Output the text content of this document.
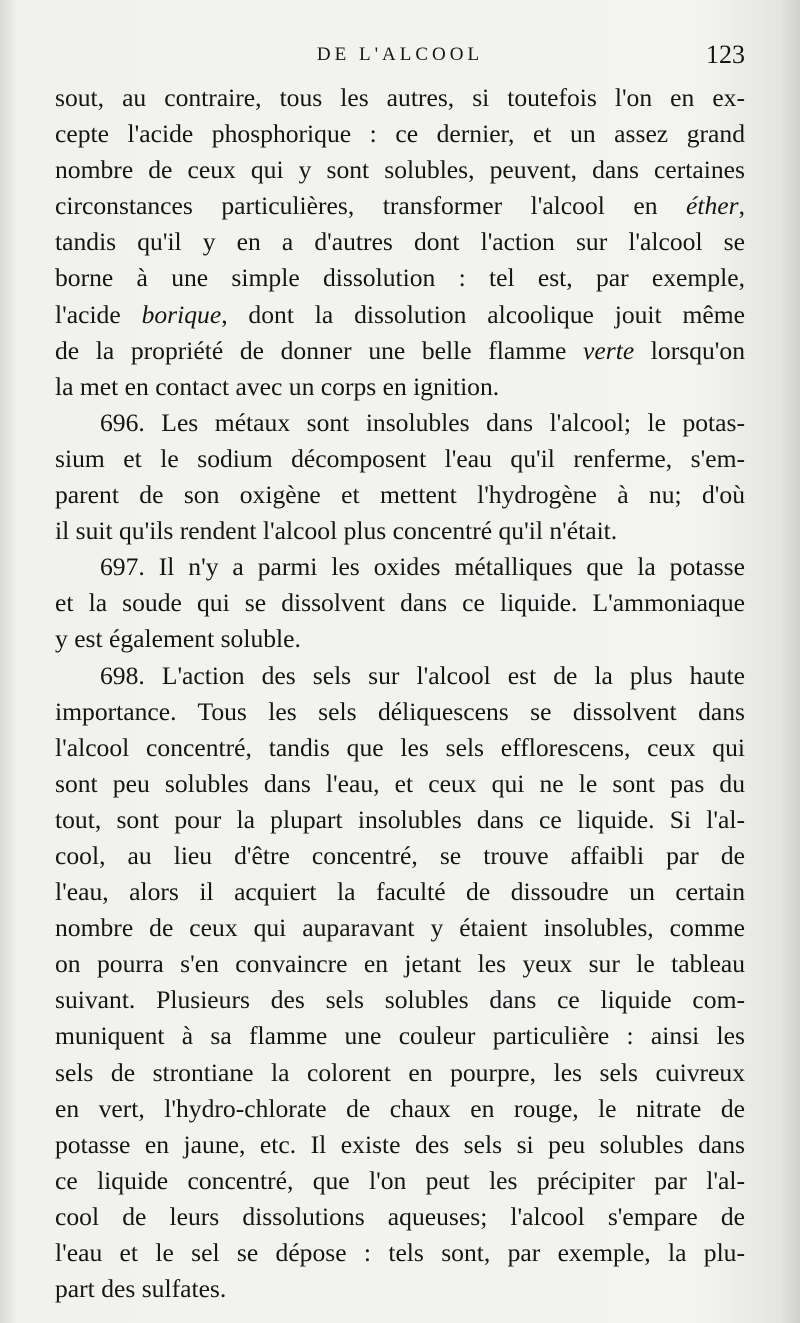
DE L'ALCOOL	123
sout, au contraire, tous les autres, si toutefois l'on en ex-
cepte l'acide phosphorique : ce dernier, et un assez grand
nombre de ceux qui y sont solubles, peuvent, dans certaines
circonstances particulières, transformer l'alcool en éther,
tandis qu'il y en a d'autres dont l'action sur l'alcool se
borne à une simple dissolution : tel est, par exemple,
l'acide borique, dont la dissolution alcoolique jouit même
de la propriété de donner une belle flamme verte lorsqu'on
la met en contact avec un corps en ignition.
696. Les métaux sont insolubles dans l'alcool; le potas-
sium et le sodium décomposent l'eau qu'il renferme, s'em-
parent de son oxigène et mettent l'hydrogène à nu; d'où
il suit qu'ils rendent l'alcool plus concentré qu'il n'était.
697. Il n'y a parmi les oxides métalliques que la potasse
et la soude qui se dissolvent dans ce liquide. L'ammoniaque
y est également soluble.
698. L'action des sels sur l'alcool est de la plus haute
importance. Tous les sels déliquescens se dissolvent dans
l'alcool concentré, tandis que les sels efflorescens, ceux qui
sont peu solubles dans l'eau, et ceux qui ne le sont pas du
tout, sont pour la plupart insolubles dans ce liquide. Si l'al-
cool, au lieu d'être concentré, se trouve affaibli par de
l'eau, alors il acquiert la faculté de dissoudre un certain
nombre de ceux qui auparavant y étaient insolubles, comme
on pourra s'en convaincre en jetant les yeux sur le tableau
suivant. Plusieurs des sels solubles dans ce liquide com-
muniquent à sa flamme une couleur particulière : ainsi les
sels de strontiane la colorent en pourpre, les sels cuivreux
en vert, l'hydro-chlorate de chaux en rouge, le nitrate de
potasse en jaune, etc. Il existe des sels si peu solubles dans
ce liquide concentré, que l'on peut les précipiter par l'al-
cool de leurs dissolutions aqueuses; l'alcool s'empare de
l'eau et le sel se dépose : tels sont, par exemple, la plu-
part des sulfates.
